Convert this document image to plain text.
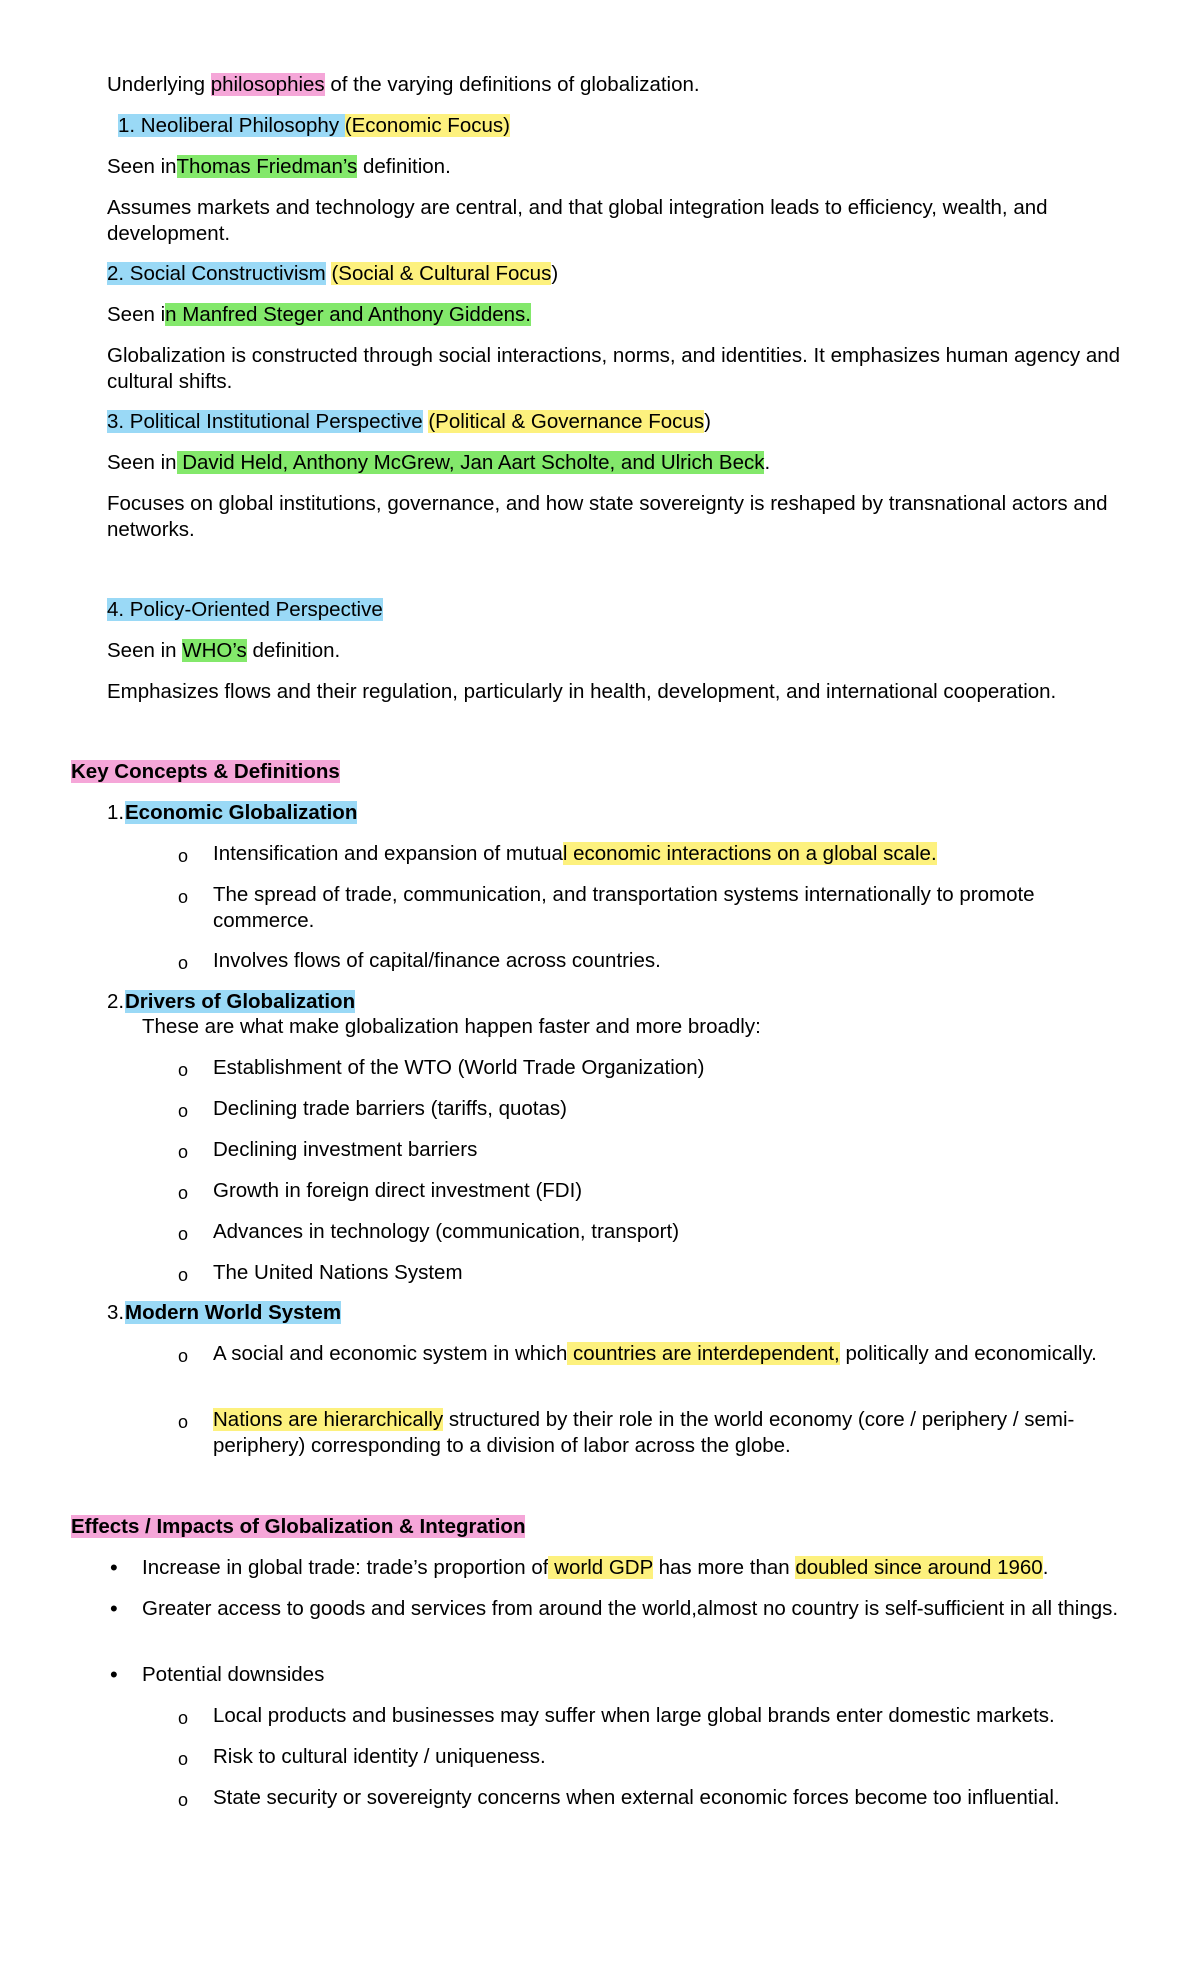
Underlying philosophies of the varying definitions of globalization.
1. Neoliberal Philosophy (Economic Focus)
Seen inThomas Friedman’s definition.
Assumes markets and technology are central, and that global integration leads to efficiency, wealth, and development.
2. Social Constructivism (Social & Cultural Focus)
Seen in Manfred Steger and Anthony Giddens.
Globalization is constructed through social interactions, norms, and identities. It emphasizes human agency and cultural shifts.
3. Political Institutional Perspective (Political & Governance Focus)
Seen in David Held, Anthony McGrew, Jan Aart Scholte, and Ulrich Beck.
Focuses on global institutions, governance, and how state sovereignty is reshaped by transnational actors and networks.
4. Policy-Oriented Perspective
Seen in WHO’s definition.
Emphasizes flows and their regulation, particularly in health, development, and international cooperation.
Key Concepts & Definitions
1. Economic Globalization
o Intensification and expansion of mutual economic interactions on a global scale.
o The spread of trade, communication, and transportation systems internationally to promote commerce.
o Involves flows of capital/finance across countries.
2. Drivers of Globalization
These are what make globalization happen faster and more broadly:
o Establishment of the WTO (World Trade Organization)
o Declining trade barriers (tariffs, quotas)
o Declining investment barriers
o Growth in foreign direct investment (FDI)
o Advances in technology (communication, transport)
o The United Nations System
3. Modern World System
o A social and economic system in which countries are interdependent, politically and economically.
o Nations are hierarchically structured by their role in the world economy (core / periphery / semi-periphery) corresponding to a division of labor across the globe.
Effects / Impacts of Globalization & Integration
• Increase in global trade: trade’s proportion of world GDP has more than doubled since around 1960.
• Greater access to goods and services from around the world,almost no country is self-sufficient in all things.
• Potential downsides
o Local products and businesses may suffer when large global brands enter domestic markets.
o Risk to cultural identity / uniqueness.
o State security or sovereignty concerns when external economic forces become too influential.
